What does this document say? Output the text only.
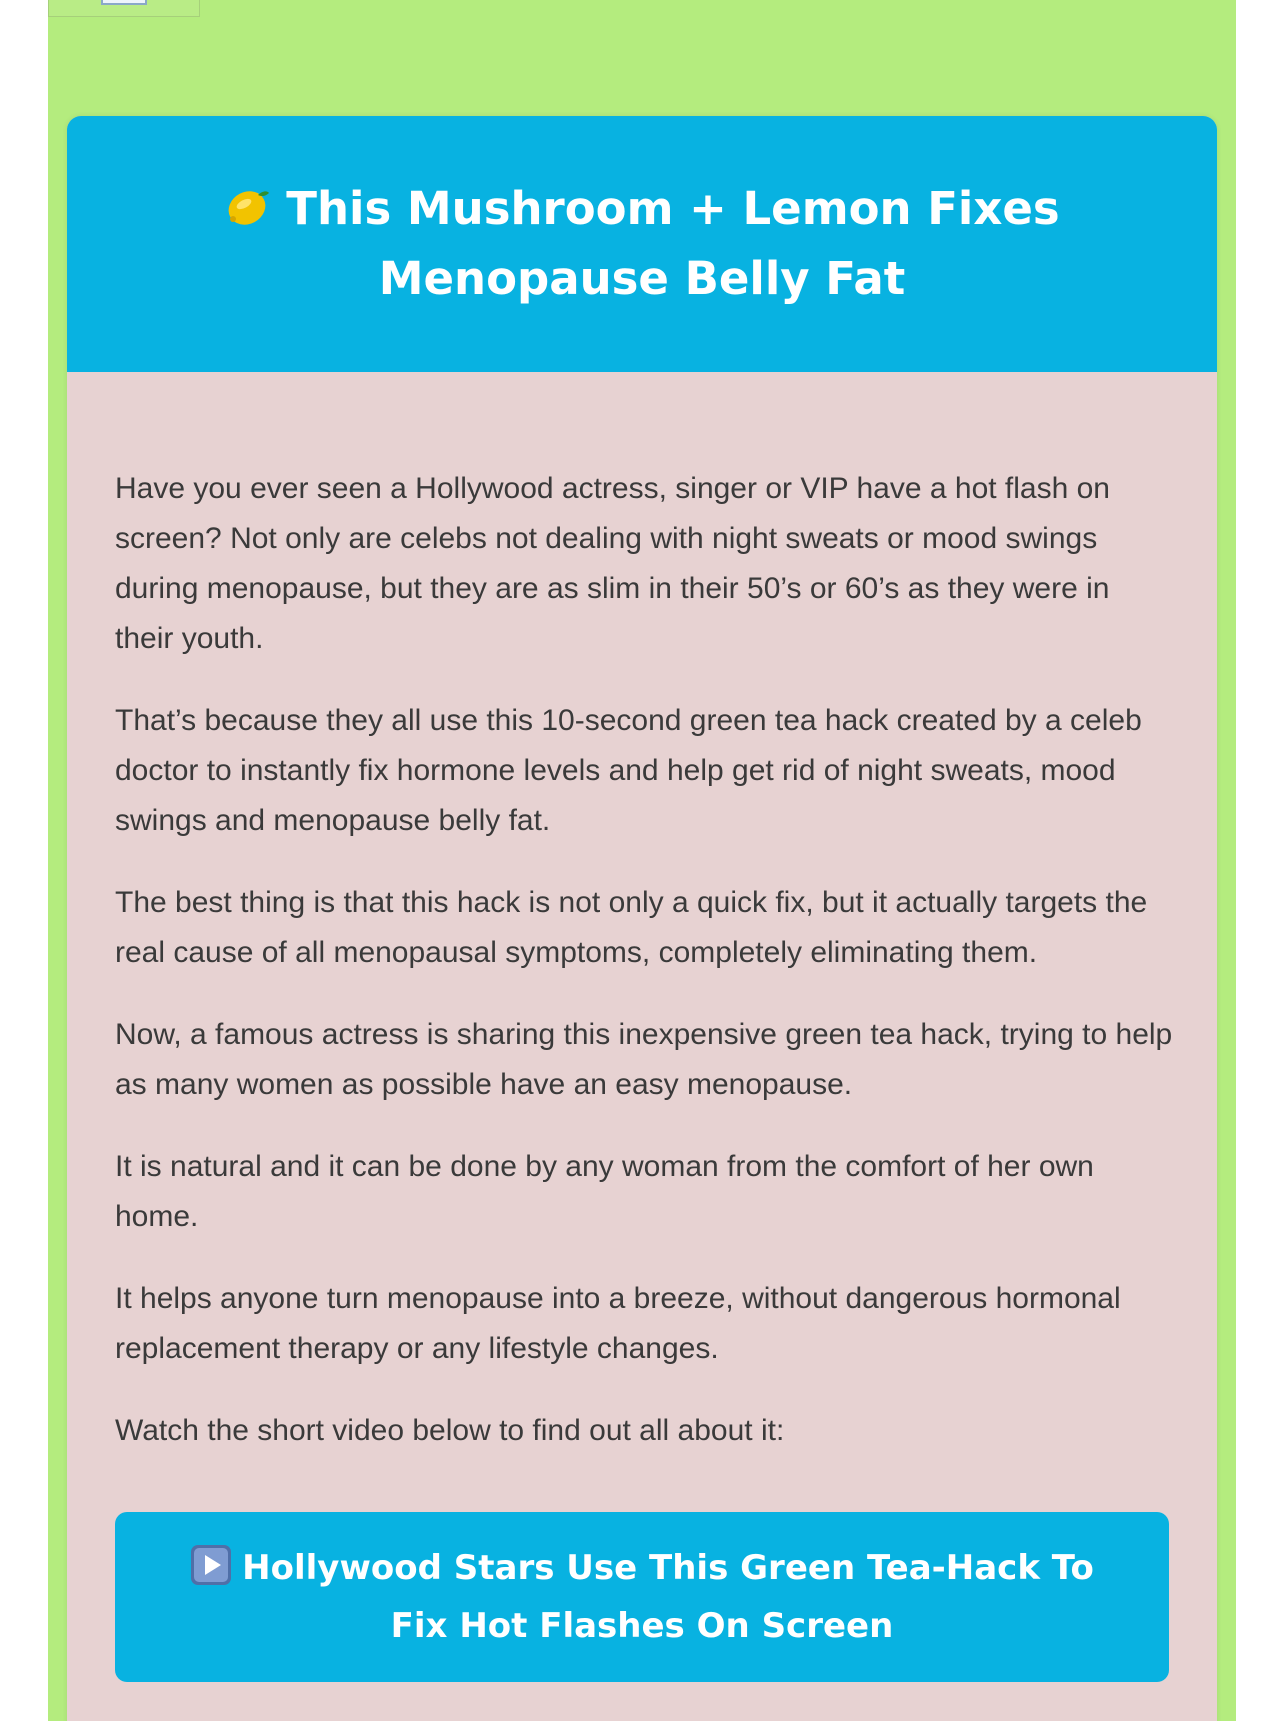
This Mushroom + Lemon Fixes Menopause Belly Fat

Have you ever seen a Hollywood actress, singer or VIP have a hot flash on screen? Not only are celebs not dealing with night sweats or mood swings during menopause, but they are as slim in their 50’s or 60’s as they were in their youth.

That’s because they all use this 10-second green tea hack created by a celeb doctor to instantly fix hormone levels and help get rid of night sweats, mood swings and menopause belly fat.

The best thing is that this hack is not only a quick fix, but it actually targets the real cause of all menopausal symptoms, completely eliminating them.

Now, a famous actress is sharing this inexpensive green tea hack, trying to help as many women as possible have an easy menopause.

It is natural and it can be done by any woman from the comfort of her own home.

It helps anyone turn menopause into a breeze, without dangerous hormonal replacement therapy or any lifestyle changes.

Watch the short video below to find out all about it:

Hollywood Stars Use This Green Tea-Hack To Fix Hot Flashes On Screen
